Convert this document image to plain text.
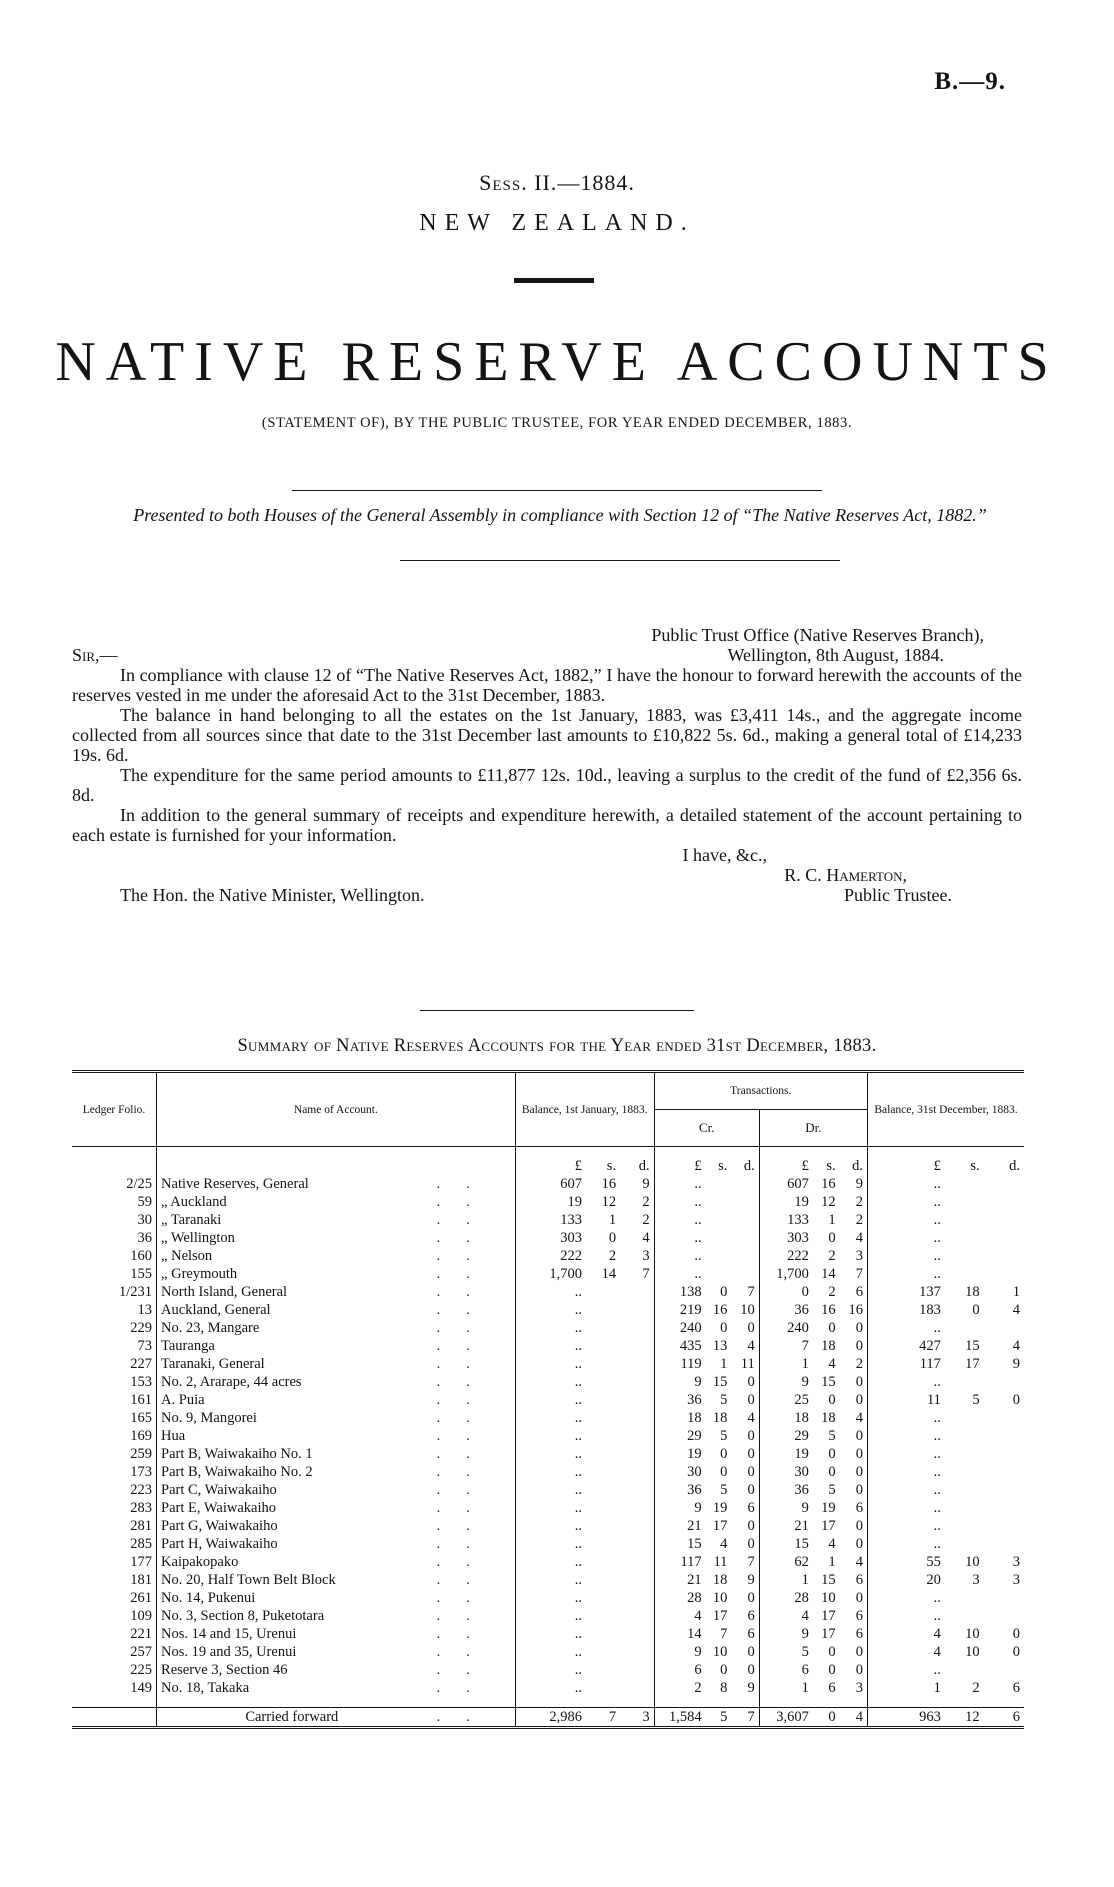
B.—9.
Sess. II.—1884.
NEW ZEALAND.
NATIVE RESERVE ACCOUNTS
(STATEMENT OF), BY THE PUBLIC TRUSTEE, FOR YEAR ENDED DECEMBER, 1883.
Presented to both Houses of the General Assembly in compliance with Section 12 of “The Native Reserves Act, 1882.”
Public Trust Office (Native Reserves Branch),
Sir,—	Wellington, 8th August, 1884.
In compliance with clause 12 of “The Native Reserves Act, 1882,” I have the honour to forward herewith the accounts of the reserves vested in me under the aforesaid Act to the 31st December, 1883.
The balance in hand belonging to all the estates on the 1st January, 1883, was £3,411 14s., and the aggregate income collected from all sources since that date to the 31st December last amounts to £10,822 5s. 6d., making a general total of £14,233 19s. 6d.
The expenditure for the same period amounts to £11,877 12s. 10d., leaving a surplus to the credit of the fund of £2,356 6s. 8d.
In addition to the general summary of receipts and expenditure herewith, a detailed statement of the account pertaining to each estate is furnished for your information.
I have, &c.,
R. C. Hamerton,
The Hon. the Native Minister, Wellington.	Public Trustee.
Summary of Native Reserves Accounts for the Year ended 31st December, 1883.
Ledger Folio.	Name of Account.		Balance, 1st January, 1883.			Transactions.						Balance, 31st December, 1883.		
						Cr.			Dr.					

			£	s.	d.	£	s.	d.	£	s.	d.	£	s.	d.
2/25	Native Reserves, General	..	607	16	9	..			607	16	9	..		
59	„ Auckland	..	19	12	2	..			19	12	2	..		
30	„ Taranaki	..	133	1	2	..			133	1	2	..		
36	„ Wellington	..	303	0	4	..			303	0	4	..		
160	„ Nelson	..	222	2	3	..			222	2	3	..		
155	„ Greymouth	..	1,700	14	7	..			1,700	14	7	..		
1/231	North Island, General	..	..			138	0	7	0	2	6	137	18	1
13	Auckland, General	..	..			219	16	10	36	16	16	183	0	4
229	No. 23, Mangare	..	..			240	0	0	240	0	0	..		
73	Tauranga	..	..			435	13	4	7	18	0	427	15	4
227	Taranaki, General	..	..			119	1	11	1	4	2	117	17	9
153	No. 2, Ararape, 44 acres	..	..			9	15	0	9	15	0	..		
161	A. Puia	..	..			36	5	0	25	0	0	11	5	0
165	No. 9, Mangorei	..	..			18	18	4	18	18	4	..		
169	Hua	..	..			29	5	0	29	5	0	..		
259	Part B, Waiwakaiho No. 1	..	..			19	0	0	19	0	0	..		
173	Part B, Waiwakaiho No. 2	..	..			30	0	0	30	0	0	..		
223	Part C, Waiwakaiho	..	..			36	5	0	36	5	0	..		
283	Part E, Waiwakaiho	..	..			9	19	6	9	19	6	..		
281	Part G, Waiwakaiho	..	..			21	17	0	21	17	0	..		
285	Part H, Waiwakaiho	..	..			15	4	0	15	4	0	..		
177	Kaipakopako	..	..			117	11	7	62	1	4	55	10	3
181	No. 20, Half Town Belt Block	..	..			21	18	9	1	15	6	20	3	3
261	No. 14, Pukenui	..	..			28	10	0	28	10	0	..		
109	No. 3, Section 8, Puketotara	..	..			4	17	6	4	17	6	..		
221	Nos. 14 and 15, Urenui	..	..			14	7	6	9	17	6	4	10	0
257	Nos. 19 and 35, Urenui	..	..			9	10	0	5	0	0	4	10	0
225	Reserve 3, Section 46	..	..			6	0	0	6	0	0	..		
149	No. 18, Takaka	..	..			2	8	9	1	6	3	1	2	6

	Carried forward	..	2,986	7	3	1,584	5	7	3,607	0	4	963	12	6
